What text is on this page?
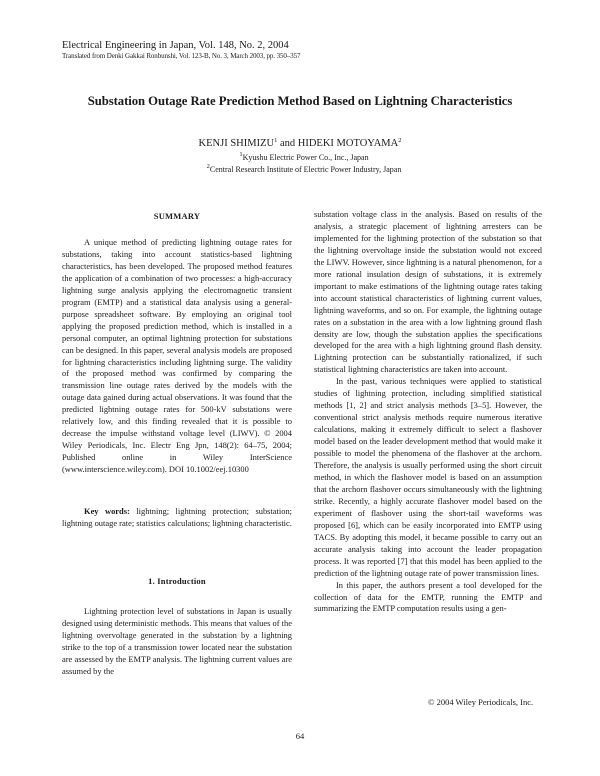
Electrical Engineering in Japan, Vol. 148, No. 2, 2004
Translated from Denki Gakkai Ronbunshi, Vol. 123-B, No. 3, March 2003, pp. 350–357
Substation Outage Rate Prediction Method Based on Lightning Characteristics
KENJI SHIMIZU$^1$ and HIDEKI MOTOYAMA$^2$
$^1$Kyushu Electric Power Co., Inc., Japan
$^2$Central Research Institute of Electric Power Industry, Japan
SUMMARY

A unique method of predicting lightning outage rates for substations, taking into account statistics-based lightning characteristics, has been developed. The proposed method features the application of a combination of two processes: a high-accuracy lightning surge analysis applying the electromagnetic transient program (EMTP) and a statistical data analysis using a general-purpose spreadsheet software. By employing an original tool applying the proposed prediction method, which is installed in a personal computer, an optimal lightning protection for substations can be designed. In this paper, several analysis models are proposed for lightning characteristics including lightning surge. The validity of the proposed method was confirmed by comparing the transmission line outage rates derived by the models with the outage data gained during actual observations. It was found that the predicted lightning outage rates for 500-kV substations were relatively low, and this finding revealed that it is possible to decrease the impulse withstand voltage level (LIWV). © 2004 Wiley Periodicals, Inc. Electr Eng Jpn, 148(2): 64–75, 2004; Published online in Wiley InterScience (www.interscience.wiley.com). DOI 10.1002/eej.10300

Key words: lightning; lightning protection; substation; lightning outage rate; statistics calculations; lightning characteristic.

1. Introduction

Lightning protection level of substations in Japan is usually designed using deterministic methods. This means that values of the lightning overvoltage generated in the substation by a lightning strike to the top of a transmission tower located near the substation are assessed by the EMTP analysis. The lightning current values are assumed by the

substation voltage class in the analysis. Based on results of the analysis, a strategic placement of lightning arresters can be implemented for the lightning protection of the substation so that the lightning overvoltage inside the substation would not exceed the LIWV. However, since lightning is a natural phenomenon, for a more rational insulation design of substations, it is extremely important to make estimations of the lightning outage rates taking into account statistical characteristics of lightning current values, lightning waveforms, and so on. For example, the lightning outage rates on a substation in the area with a low lightning ground flash density are low, though the substation applies the specifications developed for the area with a high lightning ground flash density. Lightning protection can be substantially rationalized, if such statistical lightning characteristics are taken into account.

In the past, various techniques were applied to statistical studies of lightning protection, including simplified statistical methods [1, 2] and strict analysis methods [3–5]. However, the conventional strict analysis methods require numerous iterative calculations, making it extremely difficult to select a flashover model based on the leader development method that would make it possible to model the phenomena of the flashover at the archorn. Therefore, the analysis is usually performed using the short circuit method, in which the flashover model is based on an assumption that the archorn flashover occurs simultaneously with the lightning strike. Recently, a highly accurate flashover model based on the experiment of flashover using the short-tail waveforms was proposed [6], which can be easily incorporated into EMTP using TACS. By adopting this model, it became possible to carry out an accurate analysis taking into account the leader propagation process. It was reported [7] that this model has been applied to the prediction of the lightning outage rate of power transmission lines.

In this paper, the authors present a tool developed for the collection of data for the EMTP, running the EMTP and summarizing the EMTP computation results using a gen-

© 2004 Wiley Periodicals, Inc.
64
